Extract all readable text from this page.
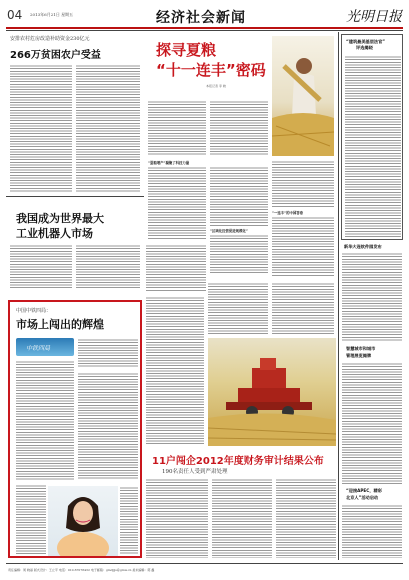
04 2013年6月21日 星期五	经济社会新闻	光明日报
安排农村危房改造补助资金230亿元
266万贫困农户受益
我国成为世界最大
工业机器人市场
中国中铁四局：
市场上闯出的辉煌
中铁四局
探寻夏粮
“十一连丰”密码
本报记者 李 晓
“夏粮增产”凝聚了科技力量
“区域化经营促进规模化”
“一连丰”的中国答卷
11户闯企2012年度财务审计结果公布
190名责任人受到严肃处理
“建筑最美基层法官”
评选揭晓
新华大连软件园发布
智慧城市和城市
管理展览揭牌
“迎接APEC，精彩
北京人”活动启动
责任编辑：周 晓丽 版式设计：王立平 电话：010-67078432 电子邮箱：gmdjjjs@gmw.cn 美术编辑：郭 鑫
